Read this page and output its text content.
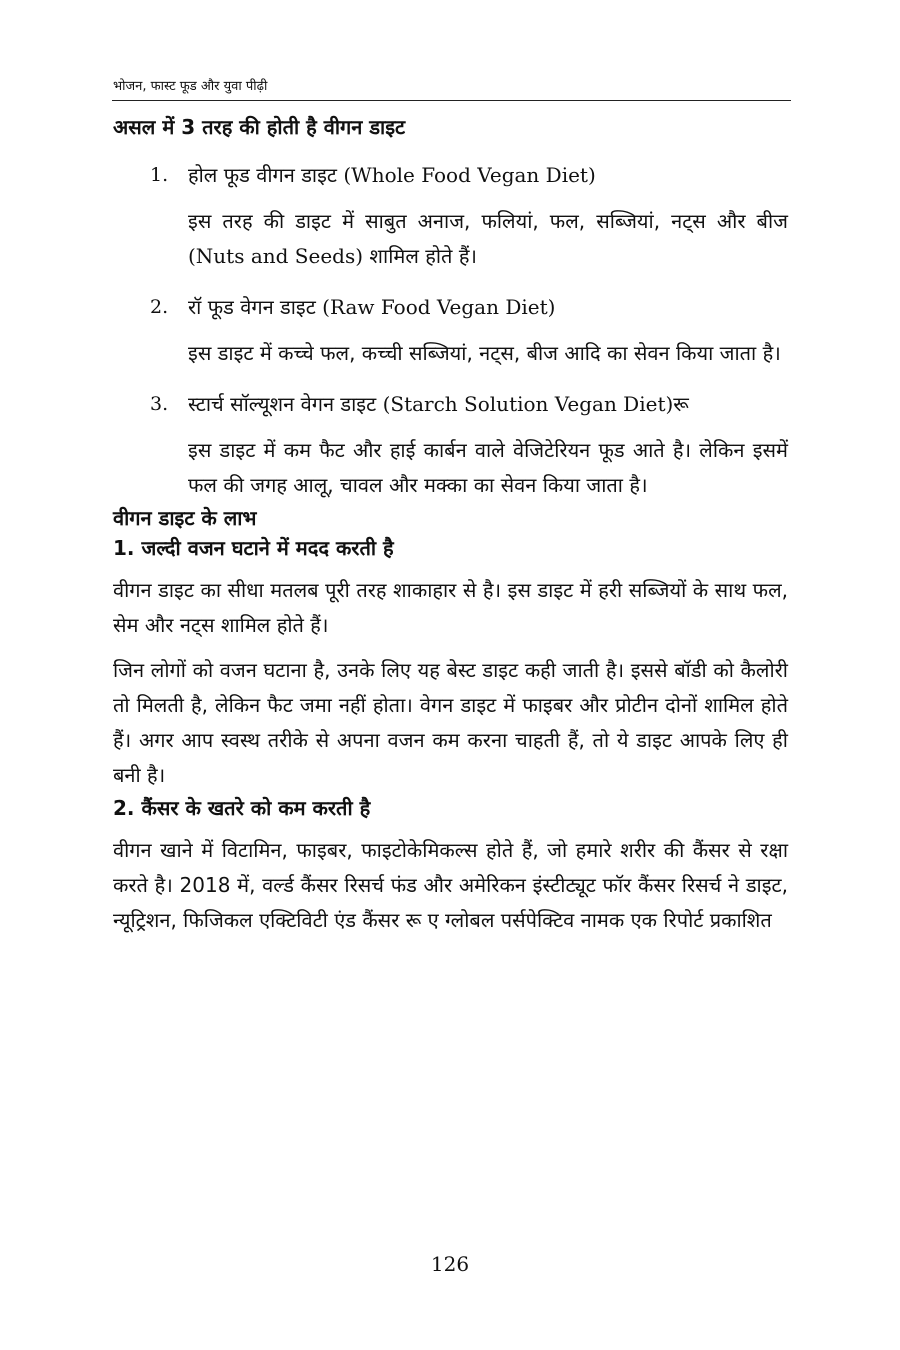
भोजन, फास्ट फूड और युवा पीढ़ी
असल में 3 तरह की होती है वीगन डाइट
1. होल फूड वीगन डाइट (Whole Food Vegan Diet)

इस तरह की डाइट में साबुत अनाज, फलियां, फल, सब्जियां, नट्स और बीज (Nuts and Seeds) शामिल होते हैं।

2. रॉ फूड वेगन डाइट (Raw Food Vegan Diet)

इस डाइट में कच्चे फल, कच्ची सब्जियां, नट्स, बीज आदि का सेवन किया जाता है।

3. स्टार्च सॉल्यूशन वेगन डाइट (Starch Solution Vegan Diet)रू

इस डाइट में कम फैट और हाई कार्बन वाले वेजिटेरियन फूड आते है। लेकिन इसमें फल की जगह आलू, चावल और मक्का का सेवन किया जाता है।

वीगन डाइट के लाभ
1. जल्दी वजन घटाने में मदद करती है

वीगन डाइट का सीधा मतलब पूरी तरह शाकाहार से है। इस डाइट में हरी सब्जियों के साथ फल, सेम और नट्स शामिल होते हैं।

जिन लोगों को वजन घटाना है, उनके लिए यह बेस्ट डाइट कही जाती है। इससे बॉडी को कैलोरी तो मिलती है, लेकिन फैट जमा नहीं होता। वेगन डाइट में फाइबर और प्रोटीन दोनों शामिल होते हैं। अगर आप स्वस्थ तरीके से अपना वजन कम करना चाहती हैं, तो ये डाइट आपके लिए ही बनी है।

2. कैंसर के खतरे को कम करती है

वीगन खाने में विटामिन, फाइबर, फाइटोकेमिकल्स होते हैं, जो हमारे शरीर की कैंसर से रक्षा करते है। 2018 में, वर्ल्ड कैंसर रिसर्च फंड और अमेरिकन इंस्टीट्यूट फॉर कैंसर रिसर्च ने डाइट, न्यूट्रिशन, फिजिकल एक्टिविटी एंड कैंसर रू ए ग्लोबल पर्सपेक्टिव नामक एक रिपोर्ट प्रकाशित

126
